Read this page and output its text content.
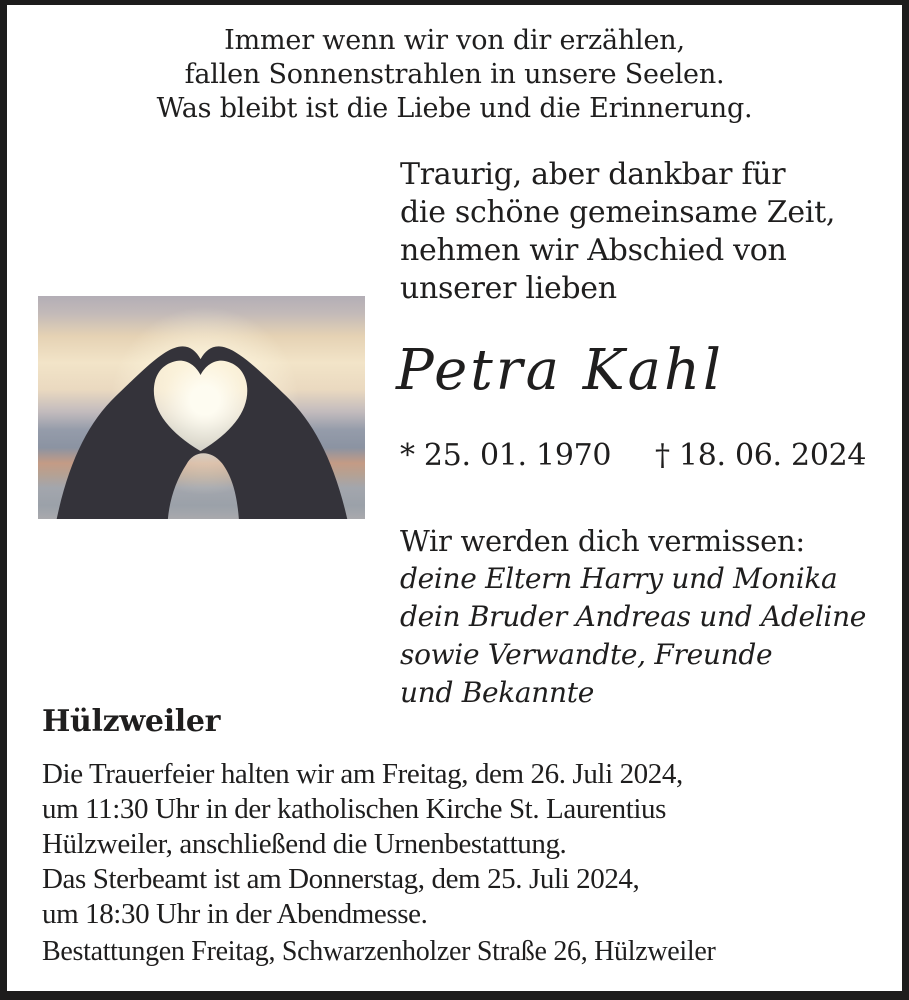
Immer wenn wir von dir erzählen,
fallen Sonnenstrahlen in unsere Seelen.
Was bleibt ist die Liebe und die Erinnerung.
Traurig, aber dankbar für
die schöne gemeinsame Zeit,
nehmen wir Abschied von
unserer lieben
Petra Kahl
* 25. 01. 1970 † 18. 06. 2024
Wir werden dich vermissen:
deine Eltern Harry und Monika
dein Bruder Andreas und Adeline
sowie Verwandte, Freunde
und Bekannte
Hülzweiler
Die Trauerfeier halten wir am Freitag, dem 26. Juli 2024,
um 11:30 Uhr in der katholischen Kirche St. Laurentius
Hülzweiler, anschließend die Urnenbestattung.
Das Sterbeamt ist am Donnerstag, dem 25. Juli 2024,
um 18:30 Uhr in der Abendmesse.
Bestattungen Freitag, Schwarzenholzer Straße 26, Hülzweiler
